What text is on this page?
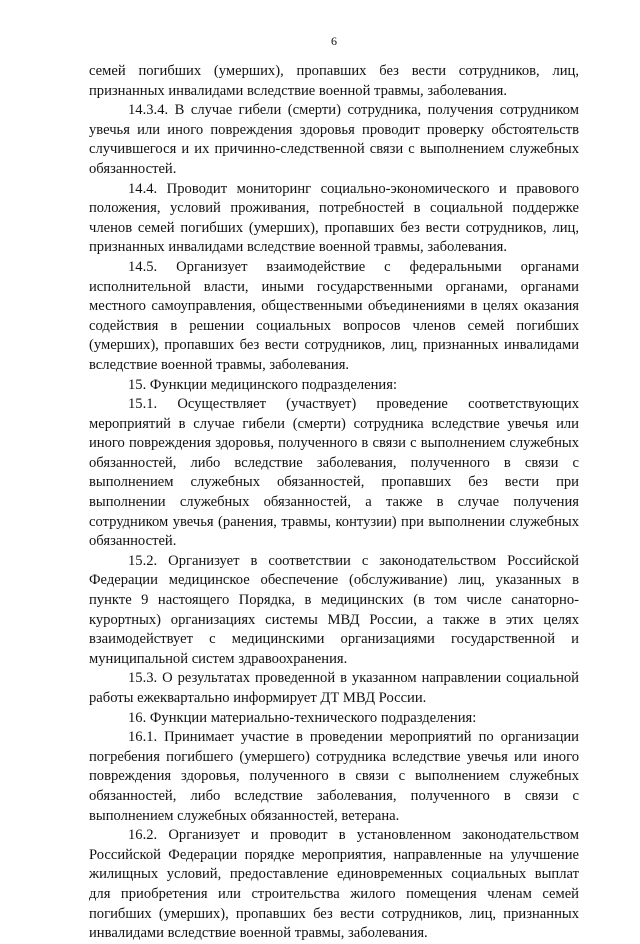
6

семей погибших (умерших), пропавших без вести сотрудников, лиц, признанных инвалидами вследствие военной травмы, заболевания.

14.3.4. В случае гибели (смерти) сотрудника, получения сотрудником увечья или иного повреждения здоровья проводит проверку обстоятельств случившегося и их причинно-следственной связи с выполнением служебных обязанностей.

14.4. Проводит мониторинг социально-экономического и правового положения, условий проживания, потребностей в социальной поддержке членов семей погибших (умерших), пропавших без вести сотрудников, лиц, признанных инвалидами вследствие военной травмы, заболевания.

14.5. Организует взаимодействие с федеральными органами исполнительной власти, иными государственными органами, органами местного самоуправления, общественными объединениями в целях оказания содействия в решении социальных вопросов членов семей погибших (умерших), пропавших без вести сотрудников, лиц, признанных инвалидами вследствие военной травмы, заболевания.

15. Функции медицинского подразделения:

15.1. Осуществляет (участвует) проведение соответствующих мероприятий в случае гибели (смерти) сотрудника вследствие увечья или иного повреждения здоровья, полученного в связи с выполнением служебных обязанностей, либо вследствие заболевания, полученного в связи с выполнением служебных обязанностей, пропавших без вести при выполнении служебных обязанностей, а также в случае получения сотрудником увечья (ранения, травмы, контузии) при выполнении служебных обязанностей.

15.2. Организует в соответствии с законодательством Российской Федерации медицинское обеспечение (обслуживание) лиц, указанных в пункте 9 настоящего Порядка, в медицинских (в том числе санаторно-курортных) организациях системы МВД России, а также в этих целях взаимодействует с медицинскими организациями государственной и муниципальной систем здравоохранения.

15.3. О результатах проведенной в указанном направлении социальной работы ежеквартально информирует ДТ МВД России.

16. Функции материально-технического подразделения:

16.1. Принимает участие в проведении мероприятий по организации погребения погибшего (умершего) сотрудника вследствие увечья или иного повреждения здоровья, полученного в связи с выполнением служебных обязанностей, либо вследствие заболевания, полученного в связи с выполнением служебных обязанностей, ветерана.

16.2. Организует и проводит в установленном законодательством Российской Федерации порядке мероприятия, направленные на улучшение жилищных условий, предоставление единовременных социальных выплат для приобретения или строительства жилого помещения членам семей погибших (умерших), пропавших без вести сотрудников, лиц, признанных инвалидами вследствие военной травмы, заболевания.
